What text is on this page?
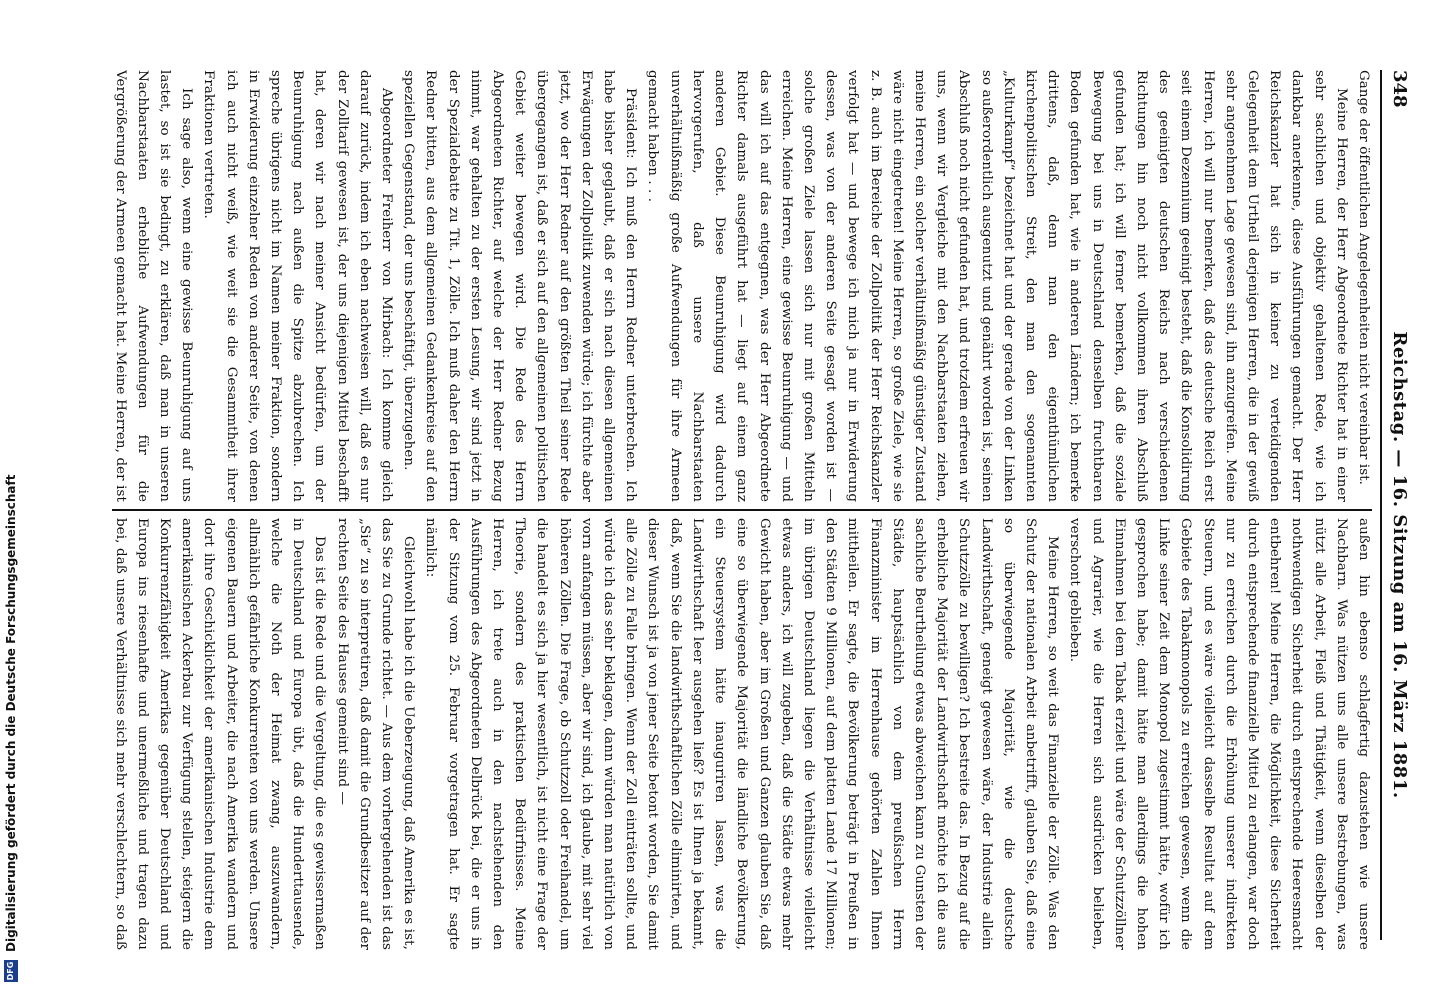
348
Reichstag. — 16. Sitzung am 16. März 1881.

Gange der öffentlichen Angelegenheiten nicht vereinbar ist.

Meine Herren, der Herr Abgeordnete Richter hat in einer sehr sachlichen und objektiv gehaltenen Rede, wie ich dankbar anerkenne, diese Ausführungen gemacht. Der Herr Reichskanzler hat sich in keiner zu verteidigenden Gelegenheit dem Urtheil derjenigen Herren, die in der gewiß sehr angenehmen Lage gewesen sind, ihn anzugreifen. Meine Herren, ich will nur bemerken, daß das deutsche Reich erst seit einem Dezennium geeinigt besteht, daß die Konsolidirung des geeinigten deutschen Reichs nach verschiedenen Richtungen hin noch nicht vollkommen ihren Abschluß gefunden hat; ich will ferner bemerken, daß die soziale Bewegung bei uns in Deutschland denselben fruchtbaren Boden gefunden hat, wie in anderen Ländern; ich bemerke drittens, daß, denn man den eigenthümlichen kirchenpolitischen Streit, den man den sogenannten „Kulturkampf“ bezeichnet hat und der gerade von der Linken so außerordentlich ausgenutzt und genährt worden ist, seinen Abschluß noch nicht gefunden hat, und trotzdem erfreuen wir uns, wenn wir Vergleiche mit den Nachbarstaaten ziehen, meine Herren, ein solcher verhältnißmäßig günstiger Zustand wäre nicht eingetreten! Meine Herren, so große Ziele, wie sie z. B. auch im Bereiche der Zollpolitik der Herr Reichskanzler verfolgt hat — und bewege ich mich ja nur in Erwiderung dessen, was von der anderen Seite gesagt worden ist — solche großen Ziele lassen sich nur mit großen Mitteln erreichen. Meine Herren, eine gewisse Beunruhigung — und das will ich auf das entgegnen, was der Herr Abgeordnete Richter damals ausgeführt hat — liegt auf einem ganz anderen Gebiet. Diese Beunruhigung wird dadurch hervorgerufen, daß unsere Nachbarstaaten unverhältnißmäßig große Aufwendungen für ihre Armeen gemacht haben . . .

Präsident: Ich muß den Herrn Redner unterbrechen. Ich habe bisher geglaubt, daß er sich nach diesen allgemeinen Erwägungen der Zollpolitik zuwenden würde; ich fürchte aber jetzt, wo der Herr Redner auf den größten Theil seiner Rede übergegangen ist, daß er sich auf den allgemeinen politischen Gebiet weiter bewegen wird. Die Rede des Herrn Abgeordneten Richter, auf welche der Herr Redner Bezug nimmt, war gehalten zu der ersten Lesung, wir sind jetzt in der Spezialdebatte zu Tit. 1, Zölle. Ich muß daher den Herrn Redner bitten, aus dem allgemeinen Gedankenkreise auf den speziellen Gegenstand, der uns beschäftigt, überzugehen.

Abgeordneter Freiherr von Mirbach: Ich komme gleich darauf zurück, indem ich eben nachweisen will, daß es nur der Zolltarif gewesen ist, der uns diejenigen Mittel beschafft hat, deren wir nach meiner Ansicht bedürfen, um der Beunruhigung nach außen die Spitze abzubrechen. Ich spreche übrigens nicht im Namen meiner Fraktion, sondern in Erwiderung einzelner Reden von anderer Seite, von denen ich auch nicht weiß, wie weit sie die Gesammtheit ihrer Fraktionen vertreten.

Ich sage also, wenn eine gewisse Beunruhigung auf uns lastet, so ist sie bedingt, zu erklären, daß man in unseren Nachbarstaaten erhebliche Aufwendungen für die Vergrößerung der Armeen gemacht hat. Meine Herren, der ist

außen hin ebenso schlagfertig dazustehen wie unsere Nachbarn. Was nützen uns alle unsere Bestrebungen, was nützt alle Arbeit, Fleiß und Thätigkeit, wenn dieselben der nothwendigen Sicherheit durch entsprechende Heeresmacht entbehren! Meine Herren, die Möglichkeit, diese Sicherheit durch entsprechende finanzielle Mittel zu erlangen, war doch nur zu erreichen durch die Erhöhung unserer indirekten Steuern, und es wäre vielleicht dasselbe Resultat auf dem Gebiete des Tabakmonopols zu erreichen gewesen, wenn die Linke seiner Zeit dem Monopol zugestimmt hätte, wofür ich gesprochen habe; damit hätte man allerdings die hohen Einnahmen bei dem Tabak erzielt und wäre der Schutzzöllner und Agrarier, wie die Herren sich ausdrücken belieben, verschont geblieben.

Meine Herren, so weit das Finanzielle der Zölle. Was den Schutz der nationalen Arbeit anbetrifft, glauben Sie, daß eine so überwiegende Majorität, wie die deutsche Landwirthschaft, geneigt gewesen wäre, der Industrie allein Schutzzölle zu bewilligen? Ich bestreite das. In Bezug auf die erhebliche Majorität der Landwirthschaft möchte ich die aus sachliche Beurtheilung etwas abweichen kann zu Gunsten der Städte, hauptsächlich von dem preußischen Herrn Finanzminister im Herrenhause gehörten Zahlen Ihnen mittheilen. Er sagte, die Bevölkerung beträgt in Preußen in den Städten 9 Millionen, auf dem platten Lande 17 Millionen; im übrigen Deutschland liegen die Verhältnisse vielleicht etwas anders, ich will zugeben, daß die Städte etwas mehr Gewicht haben, aber im Großen und Ganzen glauben Sie, daß eine so überwiegende Majorität die ländliche Bevölkerung, ein Steuersystem hätte inauguriren lassen, was die Landwirthschaft leer ausgehen ließ? Es ist Ihnen ja bekannt, daß, wenn Sie die landwirthschaftlichen Zölle eliminirten, und dieser Wunsch ist ja von jener Seite betont worden, Sie damit alle Zölle zu Falle bringen. Wenn der Zoll einträten sollte, und würde ich das sehr beklagen, dann würden man natürlich von vorn anfangen müssen, aber wir sind, ich glaube, mit sehr viel höheren Zöllen. Die Frage, ob Schutzzoll oder Freihandel, um die handelt es sich ja hier wesentlich, ist nicht eine Frage der Theorie, sondern des praktischen Bedürfnisses. Meine Herren, ich trete auch in den nachstehenden den Ausführungen des Abgeordneten Delbrück bei, die er uns in der Sitzung vom 25. Februar vorgetragen hat. Er sagte nämlich:

Gleichwohl habe ich die Ueberzeugung, daß Amerika es ist, das Sie zu Grunde richtet. — Aus dem vorhergehenden ist das „Sie“ zu so interpretiren, daß damit die Grundbesitzer auf der rechten Seite des Hauses gemeint sind —

Das ist die Rede und die Vergeltung, die es gewissermaßen in Deutschland und Europa übt, daß die Hunderttausende, welche die Noth der Heimat zwang, auszuwandern, allmählich gefährliche Konkurrenten von uns werden. Unsere eigenen Bauern und Arbeiter, die nach Amerika wandern und dort ihre Geschicklichkeit der amerikanischen Industrie dem amerikanischen Ackerbau zur Verfügung stellen, steigern die Konkurrenzfähigkeit Amerikas gegenüber Deutschland und Europa ins riesenhafte und unermeßliche und tragen dazu bei, daß unsere Verhältnisse sich mehr verschlechtern, so daß

DFG
Digitalisierung gefördert durch die Deutsche Forschungsgemeinschaft
